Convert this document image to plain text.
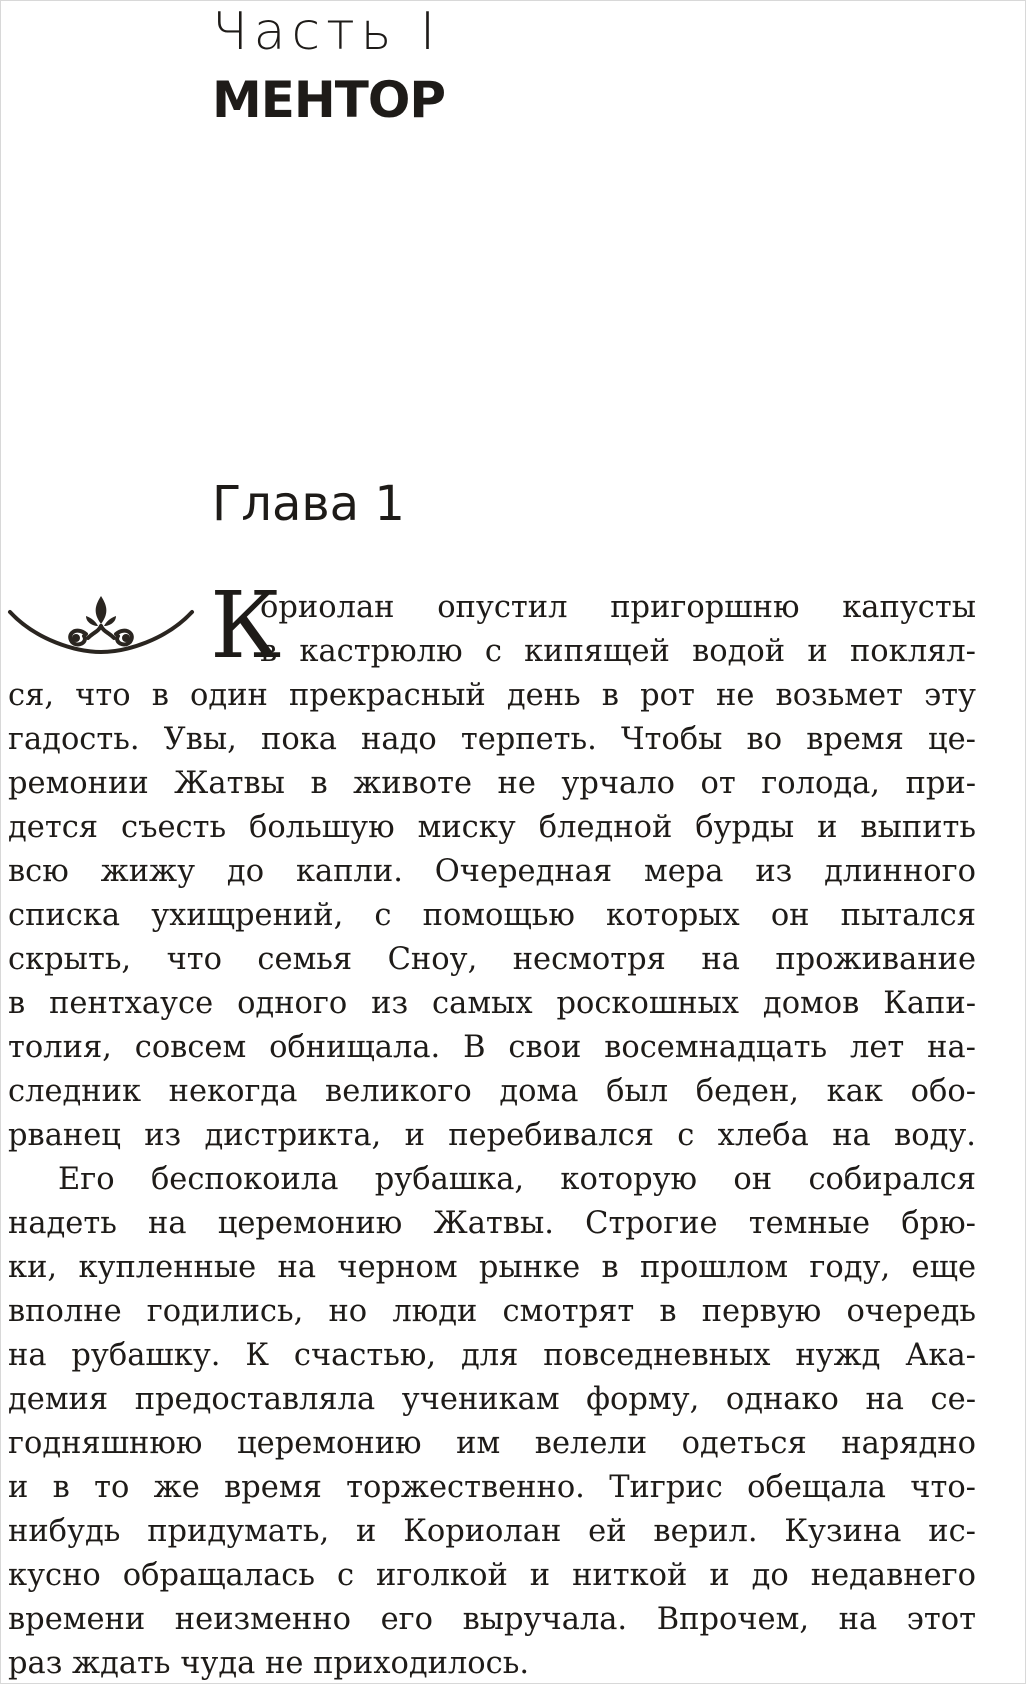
Часть I
МЕНТОР
Глава 1
К
ориолан опустил пригоршню капусты
в кастрюлю с кипящей водой и поклял-
ся, что в один прекрасный день в рот не возьмет эту
гадость. Увы, пока надо терпеть. Чтобы во время це-
ремонии Жатвы в животе не урчало от голода, при-
дется съесть большую миску бледной бурды и выпить
всю жижу до капли. Очередная мера из длинного
списка ухищрений, с помощью которых он пытался
скрыть, что семья Сноу, несмотря на проживание
в пентхаусе одного из самых роскошных домов Капи-
толия, совсем обнищала. В свои восемнадцать лет на-
следник некогда великого дома был беден, как обо-
рванец из дистрикта, и перебивался с хлеба на воду.
Его беспокоила рубашка, которую он собирался
надеть на церемонию Жатвы. Строгие темные брю-
ки, купленные на черном рынке в прошлом году, еще
вполне годились, но люди смотрят в первую очередь
на рубашку. К счастью, для повседневных нужд Ака-
демия предоставляла ученикам форму, однако на се-
годняшнюю церемонию им велели одеться нарядно
и в то же время торжественно. Тигрис обещала что-
нибудь придумать, и Кориолан ей верил. Кузина ис-
кусно обращалась с иголкой и ниткой и до недавнего
времени неизменно его выручала. Впрочем, на этот
раз ждать чуда не приходилось.
